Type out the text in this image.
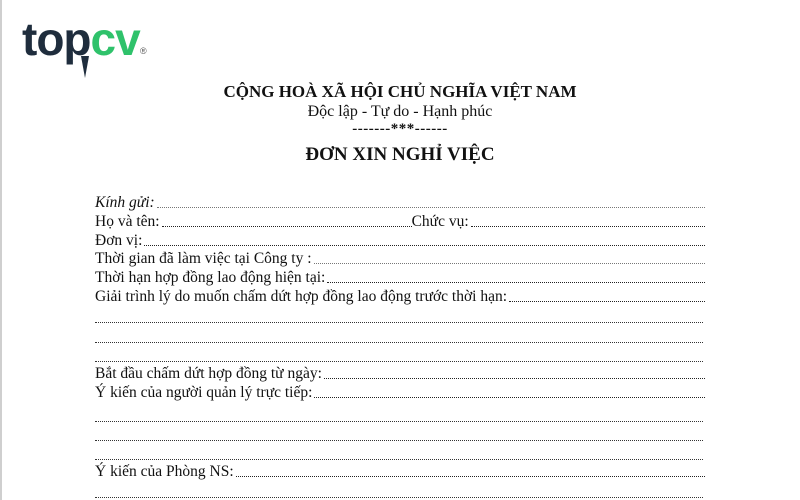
topcv ®
CỘNG HOÀ XÃ HỘI CHỦ NGHĨA VIỆT NAM
Độc lập - Tự do - Hạnh phúc
-------***------
ĐƠN XIN NGHỈ VIỆC
Kính gửi:
Họ và tên:	Chức vụ:
Đơn vị:
Thời gian đã làm việc tại Công ty :
Thời hạn hợp đồng lao động hiện tại:
Giải trình lý do muốn chấm dứt hợp đồng lao động trước thời hạn:
Bắt đầu chấm dứt hợp đồng từ ngày:
Ý kiến của người quản lý trực tiếp:
Ý kiến của Phòng NS:
